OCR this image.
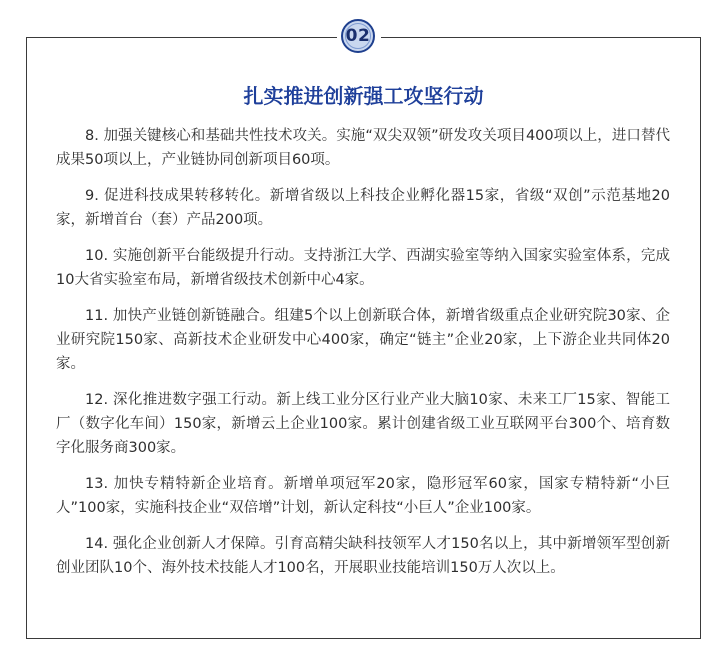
02
扎实推进创新强工攻坚行动

8. 加强关键核心和基础共性技术攻关。实施“双尖双领”研发攻关项目400项以上，进口替代成果50项以上，产业链协同创新项目60项。

9. 促进科技成果转移转化。新增省级以上科技企业孵化器15家，省级“双创”示范基地20家，新增首台（套）产品200项。

10. 实施创新平台能级提升行动。支持浙江大学、西湖实验室等纳入国家实验室体系，完成10大省实验室布局，新增省级技术创新中心4家。

11. 加快产业链创新链融合。组建5个以上创新联合体，新增省级重点企业研究院30家、企业研究院150家、高新技术企业研发中心400家，确定“链主”企业20家，上下游企业共同体20家。

12. 深化推进数字强工行动。新上线工业分区行业产业大脑10家、未来工厂15家、智能工厂（数字化车间）150家，新增云上企业100家。累计创建省级工业互联网平台300个、培育数字化服务商300家。

13. 加快专精特新企业培育。新增单项冠军20家，隐形冠军60家，国家专精特新“小巨人”100家，实施科技企业“双倍增”计划，新认定科技“小巨人”企业100家。

14. 强化企业创新人才保障。引育高精尖缺科技领军人才150名以上，其中新增领军型创新创业团队10个、海外技术技能人才100名，开展职业技能培训150万人次以上。
